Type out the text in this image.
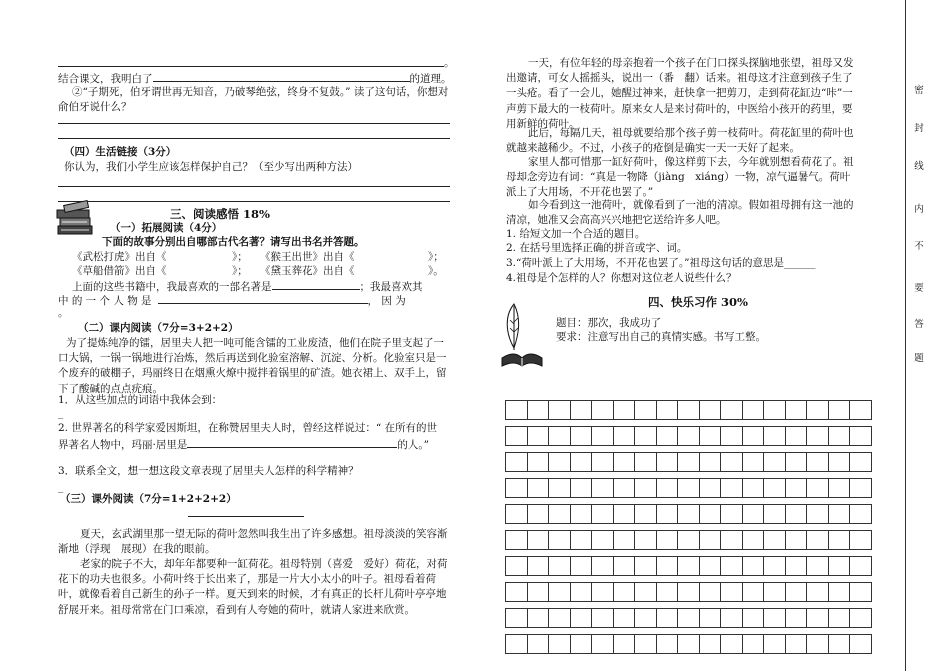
。
结合课文，我明白了	的道理。
②“子期死，伯牙谓世再无知音，乃破琴绝弦，终身不复鼓。” 读了这句话，你想对
俞伯牙说什么？
（四）生活链接（3分）
你认为，我们小学生应该怎样保护自己？（至少写出两种方法）
三、阅读感悟 18%
（一）拓展阅读（4分）
下面的故事分别出自哪部古代名著？请写出书名并答题。
《武松打虎》出自《	》； 《猴王出世》出自《	》；
《草船借箭》出自《	》； 《黛玉葬花》出自《	》。
上面的这些书籍中，我最喜欢的一部名著是	；我最喜欢其
中 的 一 个 人 物 是	， 因 为
。
（二）课内阅读（7分=3+2+2）
为了提炼纯净的镭，居里夫人把一吨可能含镭的工业废渣，他们在院子里支起了一口大锅，一锅一锅地进行冶炼，然后再送到化验室溶解、沉淀、分析。化验室只是一个废弃的破棚子，玛丽终日在烟熏火燎中搅拌着锅里的矿渣。她衣裙上、双手上，留下了酸碱的点点疣痕。
1．从这些加点的词语中我体会到：
_
2. 世界著名的科学家爱因斯坦，在称赞居里夫人时，曾经这样说过：“ 在所有的世
界著名人物中，玛丽·居里是	的人。”
3．联系全文，想一想这段文章表现了居里夫人怎样的科学精神？
_
（三）课外阅读（7分=1+2+2+2）
夏天，玄武湖里那一望无际的荷叶忽然叫我生出了许多感想。祖母淡淡的笑容渐渐地（浮现　展现）在我的眼前。
老家的院子不大，却年年都要种一缸荷花。祖母特别（喜爱　爱好）荷花，对荷花下的功夫也很多。小荷叶终于长出来了，那是一片大小太小的叶子。祖母看着荷叶，就像看着自己新生的孙子一样。夏天到来的时候，才有真正的长杆儿荷叶亭亭地舒展开来。祖母常常在门口乘凉，看到有人夸她的荷叶，就请人家进来欣赏。
一天，有位年轻的母亲抱着一个孩子在门口探头探脑地张望，祖母又发出邀请，可女人摇摇头，说出一（番　翻）话来。祖母这才注意到孩子生了一头疮。看了一会儿，她醒过神来，赶快拿一把剪刀，走到荷花缸边“咔”一声剪下最大的一枝荷叶。原来女人是来讨荷叶的，中医给小孩开的药里，要用新鲜的荷叶。
此后，每隔几天，祖母就要给那个孩子剪一枝荷叶。荷花缸里的荷叶也就越来越稀少。不过，小孩子的疮倒是确实一天一天好了起来。
家里人都可惜那一缸好荷叶，像这样剪下去，今年就别想看荷花了。祖母却念旁边有词：“真是一物降（jiàng　xiáng）一物，凉气逼暑气。荷叶派上了大用场，不开花也罢了。”
如今看到这一池荷叶，就像看到了一池的清凉。假如祖母拥有这一池的清凉，她准又会高高兴兴地把它送给许多人吧。
1. 给短文加一个合适的题目。
2. 在括号里选择正确的拼音或字、词。
3.“荷叶派上了大用场，不开花也罢了。”祖母这句话的意思是______
4.祖母是个怎样的人？你想对这位老人说些什么？
四、快乐习作 30%
题目：那次，我成功了
要求：注意写出自己的真情实感。书写工整。

密
封
线
内
不
要
答
题
